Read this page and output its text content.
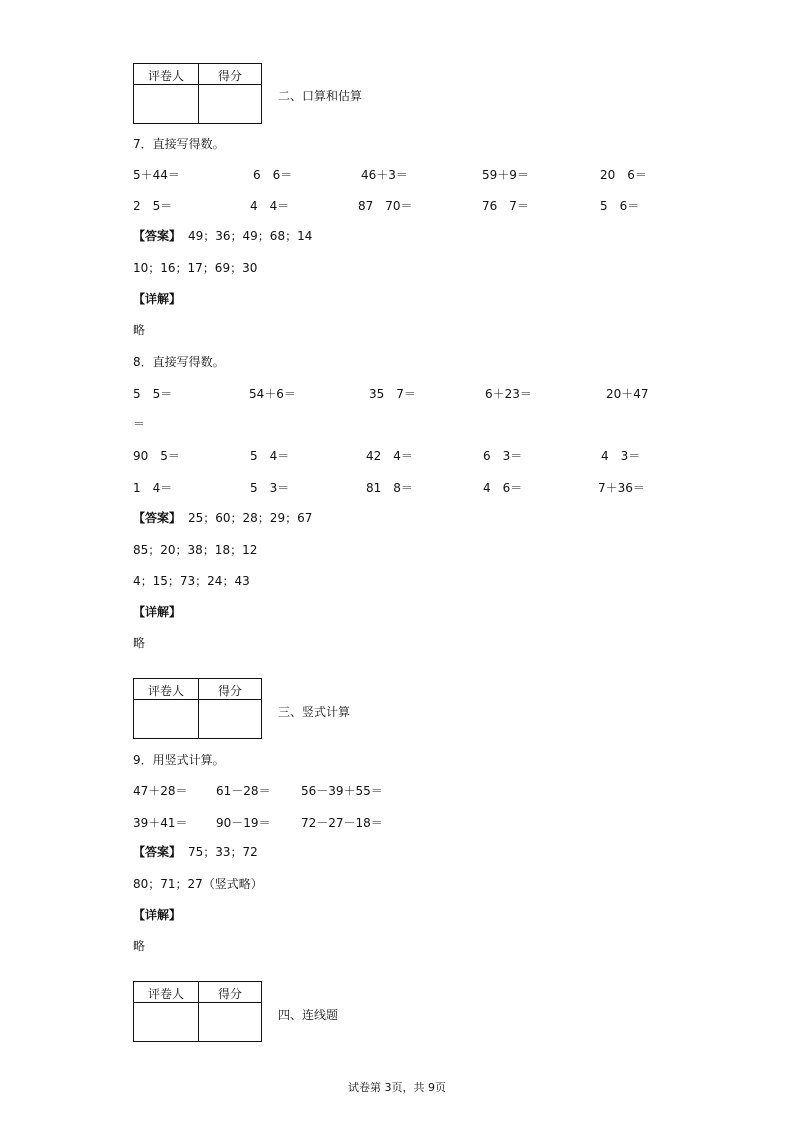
评卷人	得分
二、口算和估算
7．直接写得数。
5＋44＝	6　6＝	46＋3＝	59＋9＝	20　6＝
2　5＝	4　4＝	87　70＝	76　7＝	5　6＝
【答案】 49；36；49；68；14
10；16；17；69；30
【详解】
略
8．直接写得数。
5　5＝	54＋6＝	35　7＝	6＋23＝	20＋47
＝
90　5＝	5　4＝	42　4＝	6　3＝	4　3＝
1　4＝	5　3＝	81　8＝	4　6＝	7＋36＝
【答案】 25；60；28；29；67
85；20；38；18；12
4；15；73；24；43
【详解】
略
评卷人	得分
三、竖式计算
9．用竖式计算。
47＋28＝ 61－28＝	56－39＋55＝
39＋41＝ 90－19＝	72－27－18＝
【答案】 75；33；72
80；71；27（竖式略）
【详解】
略
评卷人	得分
四、连线题
试卷第 3页，共 9页
